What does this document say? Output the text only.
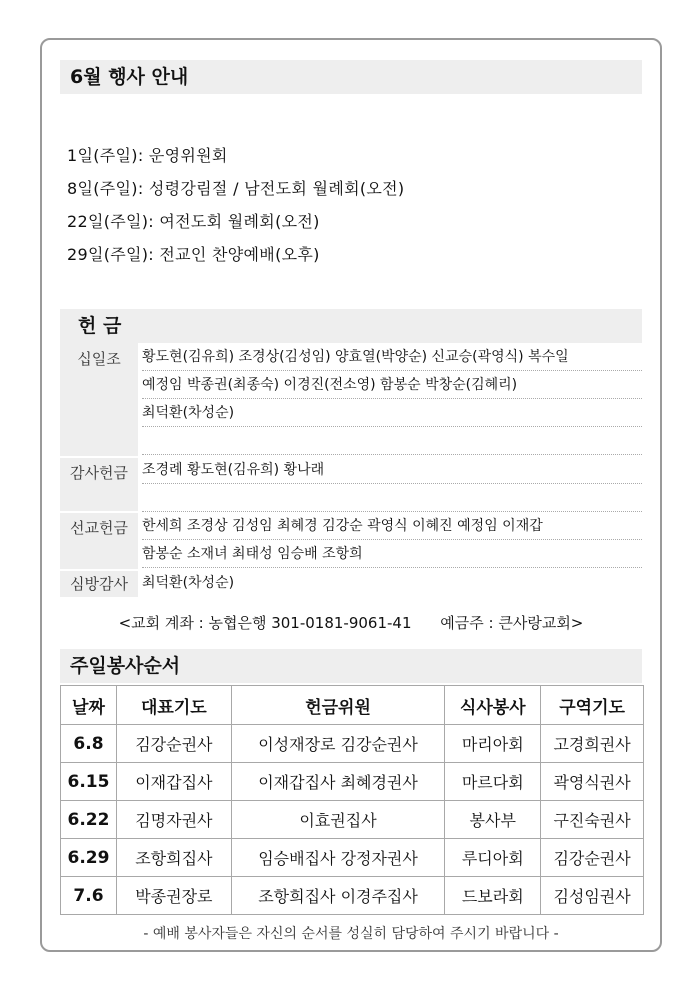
6월 행사 안내
1일(주일): 운영위원회
8일(주일): 성령강림절 / 남전도회 월례회(오전)
22일(주일): 여전도회 월례회(오전)
29일(주일): 전교인 찬양예배(오후)
헌 금
십일조	황도현(김유희) 조경상(김성임) 양효열(박양순) 신교승(곽영식) 복수일
예정임 박종권(최종숙) 이경진(전소영) 함봉순 박창순(김혜리)
최덕환(차성순)
감사헌금	조경례 황도현(김유희) 황나래
선교헌금	한세희 조경상 김성임 최혜경 김강순 곽영식 이혜진 예정임 이재갑
함봉순 소재녀 최태성 임승배 조항희
심방감사	최덕환(차성순)
<교회 계좌 : 농협은행 301-0181-9061-41 예금주 : 큰사랑교회>
주일봉사순서
날짜	대표기도	헌금위원	식사봉사	구역기도
6.8	김강순권사	이성재장로 김강순권사	마리아회	고경희권사
6.15	이재갑집사	이재갑집사 최혜경권사	마르다회	곽영식권사
6.22	김명자권사	이효권집사	봉사부	구진숙권사
6.29	조항희집사	임승배집사 강정자권사	루디아회	김강순권사
7.6	박종권장로	조항희집사 이경주집사	드보라회	김성임권사
- 예배 봉사자들은 자신의 순서를 성실히 담당하여 주시기 바랍니다 -
